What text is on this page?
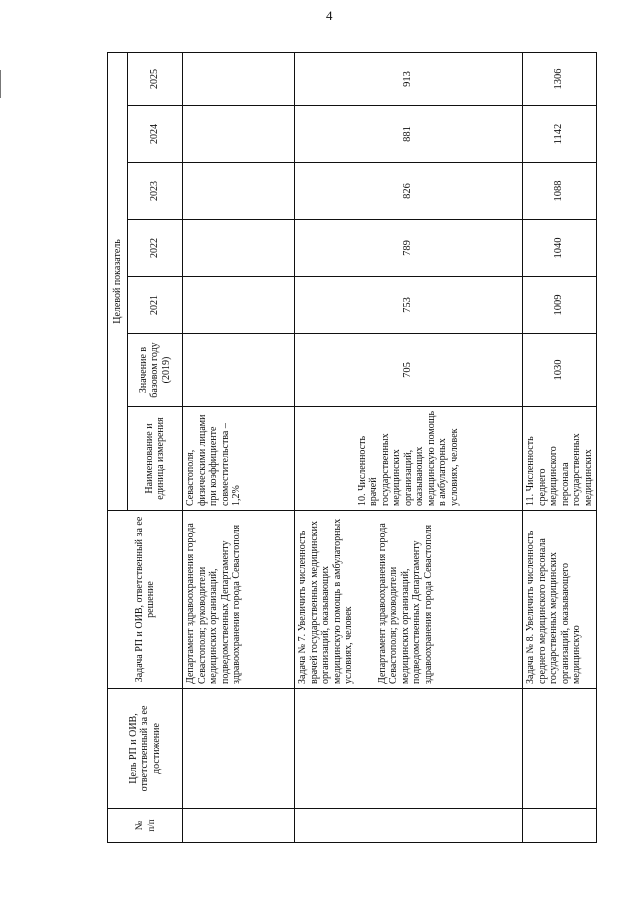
4
№ п/п	Цель РП и ОИВ, ответственный за ее достижение	Задача РП и ОИВ, ответственный за ее решение	Целевой показатель						
			Наименование и единица измерения	Значение в базовом году (2019)	2021	2022	2023	2024	2025
		Департамент здравоохранения города Севастополя; руководители медицинских организаций, подведомственных Департаменту здравоохранения города Севастополя	Севастополя, физическими лицами при коэффициенте совместительства – 1,2%						

		Задача № 7. Увеличить численность врачей государственных медицинских организаций, оказывающих медицинскую помощь в амбулаторных условиях, человек Департамент здравоохранения города Севастополя; руководители медицинских организаций, подведомственных Департаменту здравоохранения города Севастополя	10. Численность врачей государственных медицинских организаций, оказывающих медицинскую помощь в амбулаторных условиях, человек	705	753	789	826	881	913
		Задача № 8. Увеличить численность среднего медицинского персонала государственных медицинских организаций, оказывающего медицинскую	11. Численность среднего медицинского персонала государственных медицинских	1030	1009	1040	1088	1142	1306
